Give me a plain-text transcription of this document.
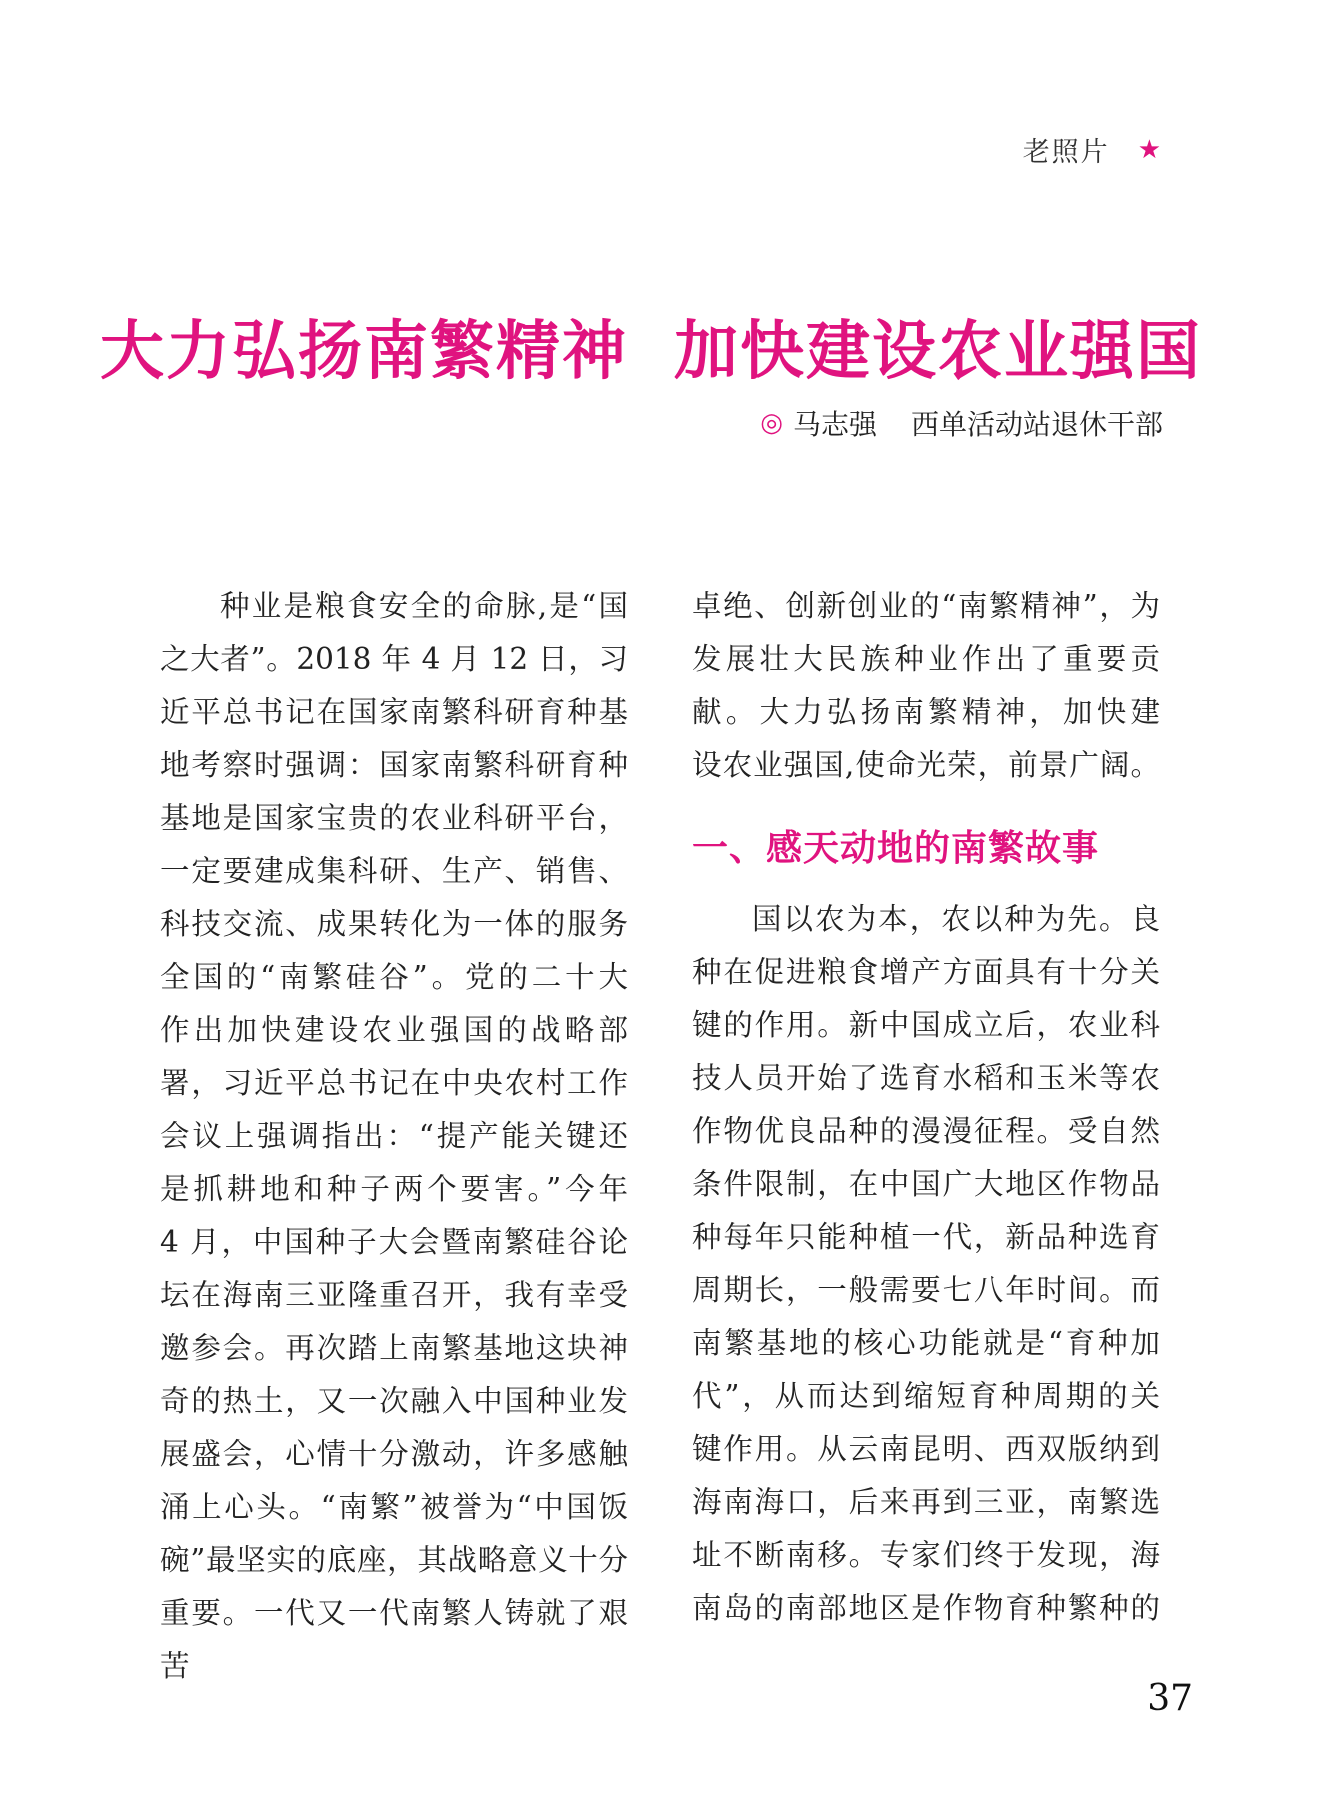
老照片 ★
大力弘扬南繁精神 加快建设农业强国
◎ 马志强 西单活动站退休干部

种业是粮食安全的命脉,是“国

之大者”。2018 年 4 月 12 日，习

近平总书记在国家南繁科研育种基

地考察时强调：国家南繁科研育种

基地是国家宝贵的农业科研平台，

一定要建成集科研、生产、销售、

科技交流、成果转化为一体的服务

全国的“南繁硅谷”。党的二十大

作出加快建设农业强国的战略部

署，习近平总书记在中央农村工作

会议上强调指出：“提产能关键还

是抓耕地和种子两个要害。”今年

4 月，中国种子大会暨南繁硅谷论

坛在海南三亚隆重召开，我有幸受

邀参会。再次踏上南繁基地这块神

奇的热土，又一次融入中国种业发

展盛会，心情十分激动，许多感触

涌上心头。“南繁”被誉为“中国饭

碗”最坚实的底座，其战略意义十分

重要。一代又一代南繁人铸就了艰苦

卓绝、创新创业的“南繁精神”，为

发展壮大民族种业作出了重要贡

献。大力弘扬南繁精神，加快建

设农业强国,使命光荣，前景广阔。

一、感天动地的南繁故事

国以农为本，农以种为先。良

种在促进粮食增产方面具有十分关

键的作用。新中国成立后，农业科

技人员开始了选育水稻和玉米等农

作物优良品种的漫漫征程。受自然

条件限制，在中国广大地区作物品

种每年只能种植一代，新品种选育

周期长，一般需要七八年时间。而

南繁基地的核心功能就是“育种加

代”，从而达到缩短育种周期的关

键作用。从云南昆明、西双版纳到

海南海口，后来再到三亚，南繁选

址不断南移。专家们终于发现，海

南岛的南部地区是作物育种繁种的

37
